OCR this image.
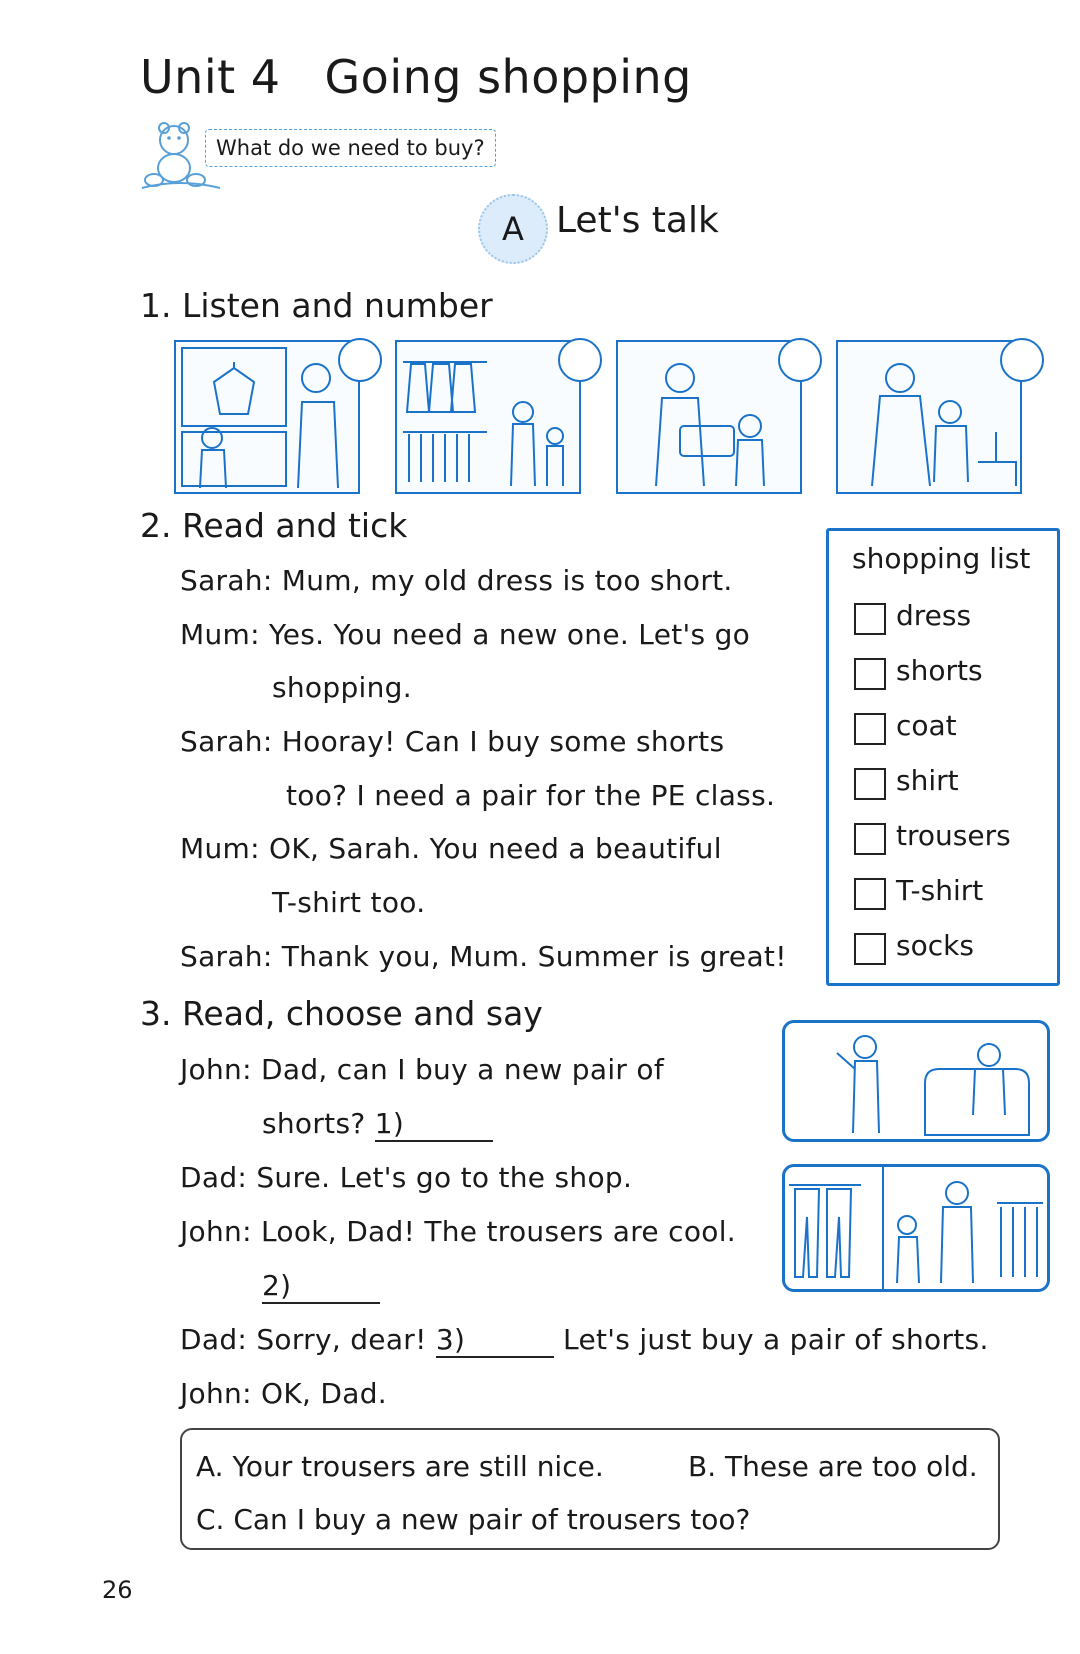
Unit 4 Going shopping
What do we need to buy?
A Let's talk
1. Listen and number
2. Read and tick
Sarah: Mum, my old dress is too short.
Mum: Yes. You need a new one. Let's go
shopping.
Sarah: Hooray! Can I buy some shorts
too? I need a pair for the PE class.
Mum: OK, Sarah. You need a beautiful
T-shirt too.
Sarah: Thank you, Mum. Summer is great!
shopping list
dress
shorts
coat
shirt
trousers
T-shirt
socks
3. Read, choose and say
John: Dad, can I buy a new pair of
shorts? 1)
Dad: Sure. Let's go to the shop.
John: Look, Dad! The trousers are cool.
2)
Dad: Sorry, dear! 3)	Let's just buy a pair of shorts.
John: OK, Dad.
A. Your trousers are still nice.	B. These are too old.
C. Can I buy a new pair of trousers too?
26
